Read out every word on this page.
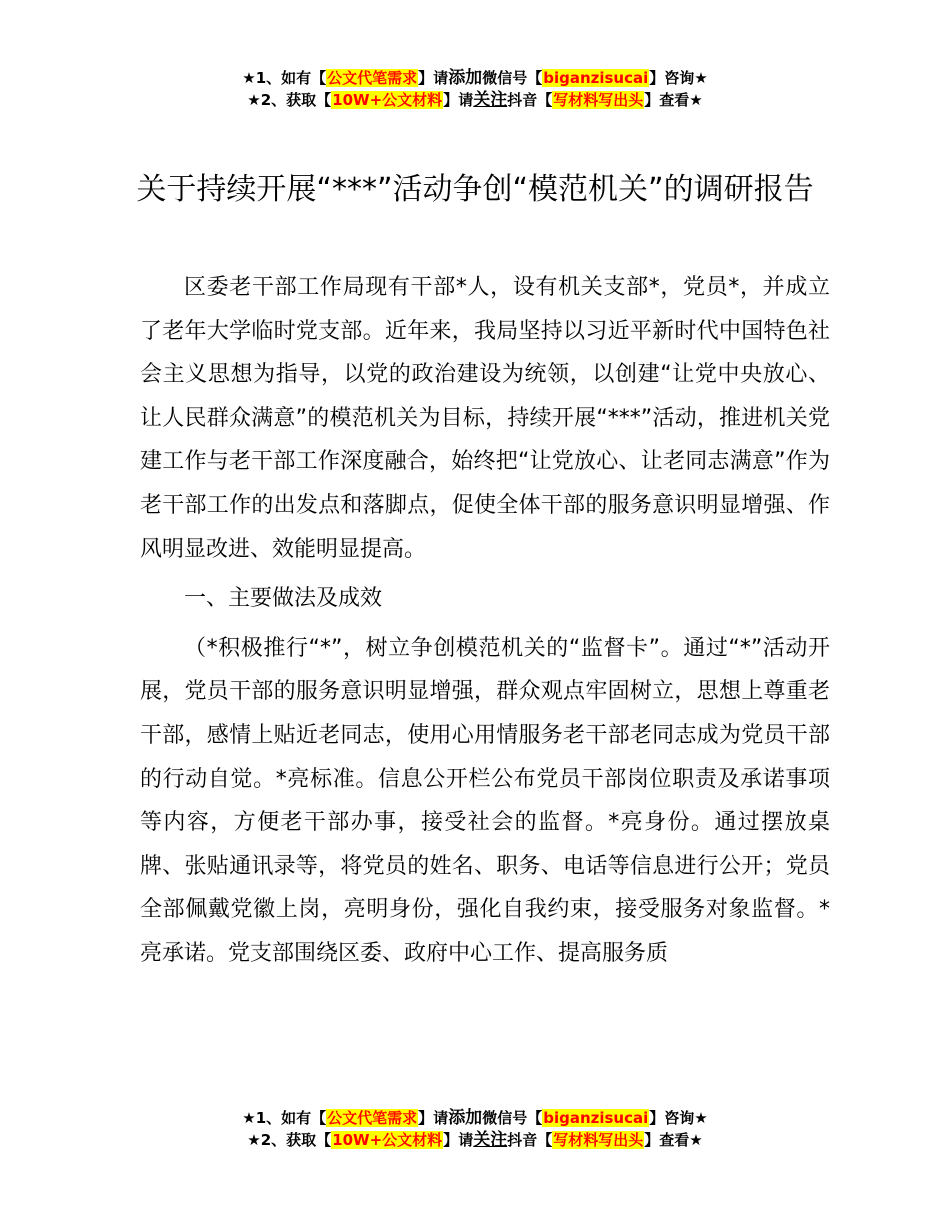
★1、如有【公文代笔需求】请添加微信号【biganzisucai】咨询★
★2、获取【10W+公文材料】请关注抖音【写材料写出头】查看★
关于持续开展“***”活动争创“模范机关”的调研报告

区委老干部工作局现有干部*人，设有机关支部*，党员*，并成立了老年大学临时党支部。近年来，我局坚持以习近平新时代中国特色社会主义思想为指导，以党的政治建设为统领，以创建“让党中央放心、让人民群众满意”的模范机关为目标，持续开展“***”活动，推进机关党建工作与老干部工作深度融合，始终把“让党放心、让老同志满意”作为老干部工作的出发点和落脚点，促使全体干部的服务意识明显增强、作风明显改进、效能明显提高。

一、主要做法及成效

（*积极推行“*”，树立争创模范机关的“监督卡”。通过“*”活动开展，党员干部的服务意识明显增强，群众观点牢固树立，思想上尊重老干部，感情上贴近老同志，使用心用情服务老干部老同志成为党员干部的行动自觉。*亮标准。信息公开栏公布党员干部岗位职责及承诺事项等内容，方便老干部办事，接受社会的监督。*亮身份。通过摆放桌牌、张贴通讯录等，将党员的姓名、职务、电话等信息进行公开；党员全部佩戴党徽上岗，亮明身份，强化自我约束，接受服务对象监督。*亮承诺。党支部围绕区委、政府中心工作、提高服务质

★1、如有【公文代笔需求】请添加微信号【biganzisucai】咨询★
★2、获取【10W+公文材料】请关注抖音【写材料写出头】查看★
